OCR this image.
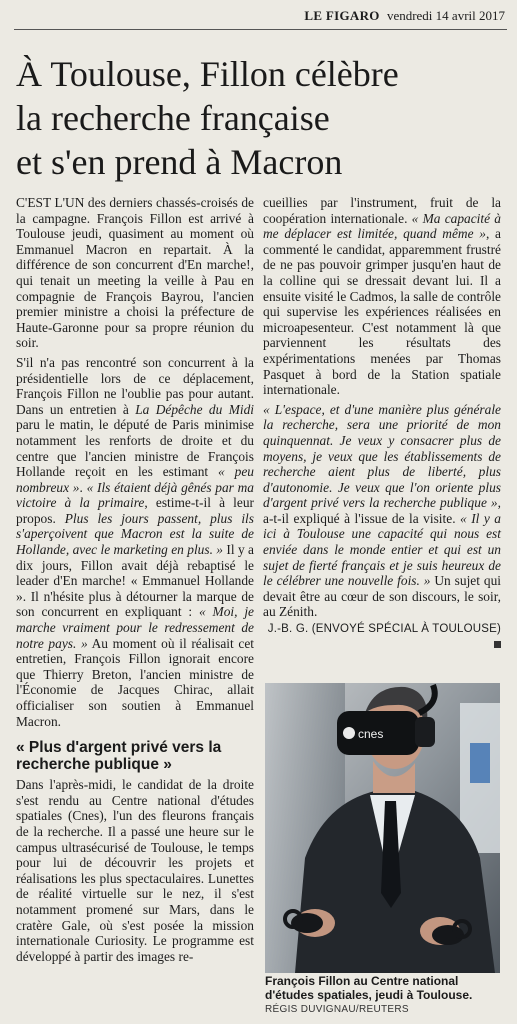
LE FIGARO vendredi 14 avril 2017
À Toulouse, Fillon célèbre
la recherche française
et s'en prend à Macron

C'EST L'UN des derniers chassés-croisés de la campagne. François Fillon est arrivé à Toulouse jeudi, quasiment au moment où Emmanuel Macron en repartait. À la différence de son concurrent d'En marche!, qui tenait un meeting la veille à Pau en compagnie de François Bayrou, l'ancien premier ministre a choisi la préfecture de Haute-Garonne pour sa propre réunion du soir.

S'il n'a pas rencontré son concurrent à la présidentielle lors de ce déplacement, François Fillon ne l'oublie pas pour autant. Dans un entretien à La Dépêche du Midi paru le matin, le député de Paris minimise notamment les renforts de droite et du centre que l'ancien ministre de François Hollande reçoit en les estimant « peu nombreux ». « Ils étaient déjà gênés par ma victoire à la primaire, estime-t-il à leur propos. Plus les jours passent, plus ils s'aperçoivent que Macron est la suite de Hollande, avec le marketing en plus. » Il y a dix jours, Fillon avait déjà rebaptisé le leader d'En marche! « Emmanuel Hollande ». Il n'hésite plus à détourner la marque de son concurrent en expliquant : « Moi, je marche vraiment pour le redressement de notre pays. » Au moment où il réalisait cet entretien, François Fillon ignorait encore que Thierry Breton, l'ancien ministre de l'Économie de Jacques Chirac, allait officialiser son soutien à Emmanuel Macron.

« Plus d'argent privé vers la recherche publique »

Dans l'après-midi, le candidat de la droite s'est rendu au Centre national d'études spatiales (Cnes), l'un des fleurons français de la recherche. Il a passé une heure sur le campus ultrasécurisé de Toulouse, le temps pour lui de découvrir les projets et réalisations les plus spectaculaires. Lunettes de réalité virtuelle sur le nez, il s'est notamment promené sur Mars, dans le cratère Gale, où s'est posée la mission internationale Curiosity. Le programme est développé à partir des images re-

cueillies par l'instrument, fruit de la coopération internationale. « Ma capacité à me déplacer est limitée, quand même », a commenté le candidat, apparemment frustré de ne pas pouvoir grimper jusqu'en haut de la colline qui se dressait devant lui. Il a ensuite visité le Cadmos, la salle de contrôle qui supervise les expériences réalisées en microapesenteur. C'est notamment là que parviennent les résultats des expérimentations menées par Thomas Pasquet à bord de la Station spatiale internationale.

« L'espace, et d'une manière plus générale la recherche, sera une priorité de mon quinquennat. Je veux y consacrer plus de moyens, je veux que les établissements de recherche aient plus de liberté, plus d'autonomie. Je veux que l'on oriente plus d'argent privé vers la recherche publique », a-t-il expliqué à l'issue de la visite. « Il y a ici à Toulouse une capacité qui nous est enviée dans le monde entier et qui est un sujet de fierté français et je suis heureux de le célébrer une nouvelle fois. » Un sujet qui devait être au cœur de son discours, le soir, au Zénith.

J.-B. G. (ENVOYÉ SPÉCIAL À TOULOUSE)
cnes
François Fillon au Centre national d'études spatiales, jeudi à Toulouse.
RÉGIS DUVIGNAU/REUTERS
